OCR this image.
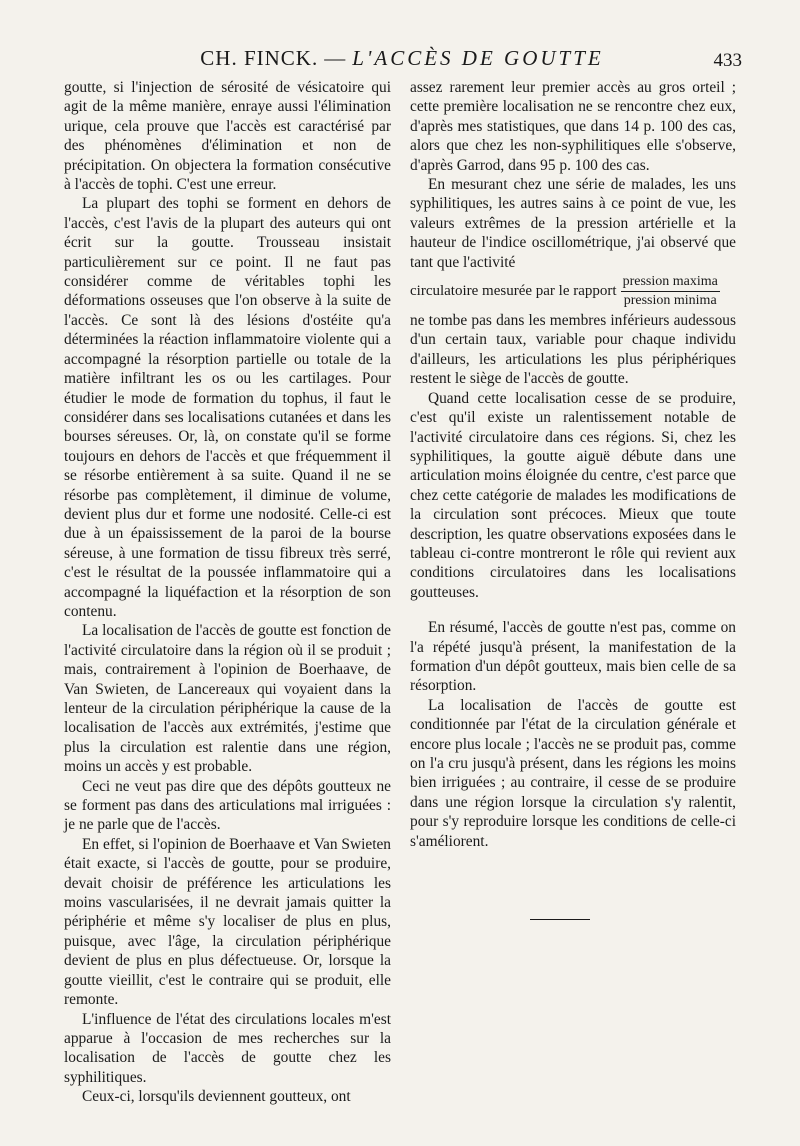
CH. FINCK. — L'ACCÈS DE GOUTTE	433

goutte, si l'injection de sérosité de vésicatoire qui agit de la même manière, enraye aussi l'élimination urique, cela prouve que l'accès est caractérisé par des phénomènes d'élimination et non de précipitation. On objectera la formation consécutive à l'accès de tophi. C'est une erreur.

La plupart des tophi se forment en dehors de l'accès, c'est l'avis de la plupart des auteurs qui ont écrit sur la goutte. Trousseau insistait particulièrement sur ce point. Il ne faut pas considérer comme de véritables tophi les déformations osseuses que l'on observe à la suite de l'accès. Ce sont là des lésions d'ostéite qu'a déterminées la réaction inflammatoire violente qui a accompagné la résorption partielle ou totale de la matière infiltrant les os ou les cartilages. Pour étudier le mode de formation du tophus, il faut le considérer dans ses localisations cutanées et dans les bourses séreuses. Or, là, on constate qu'il se forme toujours en dehors de l'accès et que fréquemment il se résorbe entièrement à sa suite. Quand il ne se résorbe pas complètement, il diminue de volume, devient plus dur et forme une nodosité. Celle-ci est due à un épaississement de la paroi de la bourse séreuse, à une formation de tissu fibreux très serré, c'est le résultat de la poussée inflammatoire qui a accompagné la liquéfaction et la résorption de son contenu.

La localisation de l'accès de goutte est fonction de l'activité circulatoire dans la région où il se produit ; mais, contrairement à l'opinion de Boerhaave, de Van Swieten, de Lancereaux qui voyaient dans la lenteur de la circulation périphérique la cause de la localisation de l'accès aux extrémités, j'estime que plus la circulation est ralentie dans une région, moins un accès y est probable.

Ceci ne veut pas dire que des dépôts goutteux ne se forment pas dans des articulations mal irriguées : je ne parle que de l'accès.

En effet, si l'opinion de Boerhaave et Van Swieten était exacte, si l'accès de goutte, pour se produire, devait choisir de préférence les articulations les moins vascularisées, il ne devrait jamais quitter la périphérie et même s'y localiser de plus en plus, puisque, avec l'âge, la circulation périphérique devient de plus en plus défectueuse. Or, lorsque la goutte vieillit, c'est le contraire qui se produit, elle remonte.

L'influence de l'état des circulations locales m'est apparue à l'occasion de mes recherches sur la localisation de l'accès de goutte chez les syphilitiques.

Ceux-ci, lorsqu'ils deviennent goutteux, ont

assez rarement leur premier accès au gros orteil ; cette première localisation ne se rencontre chez eux, d'après mes statistiques, que dans 14 p. 100 des cas, alors que chez les non-syphilitiques elle s'observe, d'après Garrod, dans 95 p. 100 des cas.

En mesurant chez une série de malades, les uns syphilitiques, les autres sains à ce point de vue, les valeurs extrêmes de la pression artérielle et la hauteur de l'indice oscillométrique, j'ai observé que tant que l'activité

circulatoire mesurée par le rapport $\frac{\text{pression maxima}}{\text{pression minima}}$

ne tombe pas dans les membres inférieurs audessous d'un certain taux, variable pour chaque individu d'ailleurs, les articulations les plus périphériques restent le siège de l'accès de goutte.

Quand cette localisation cesse de se produire, c'est qu'il existe un ralentissement notable de l'activité circulatoire dans ces régions. Si, chez les syphilitiques, la goutte aiguë débute dans une articulation moins éloignée du centre, c'est parce que chez cette catégorie de malades les modifications de la circulation sont précoces. Mieux que toute description, les quatre observations exposées dans le tableau ci-contre montreront le rôle qui revient aux conditions circulatoires dans les localisations goutteuses.

En résumé, l'accès de goutte n'est pas, comme on l'a répété jusqu'à présent, la manifestation de la formation d'un dépôt goutteux, mais bien celle de sa résorption.

La localisation de l'accès de goutte est conditionnée par l'état de la circulation générale et encore plus locale ; l'accès ne se produit pas, comme on l'a cru jusqu'à présent, dans les régions les moins bien irriguées ; au contraire, il cesse de se produire dans une région lorsque la circulation s'y ralentit, pour s'y reproduire lorsque les conditions de celle-ci s'améliorent.
